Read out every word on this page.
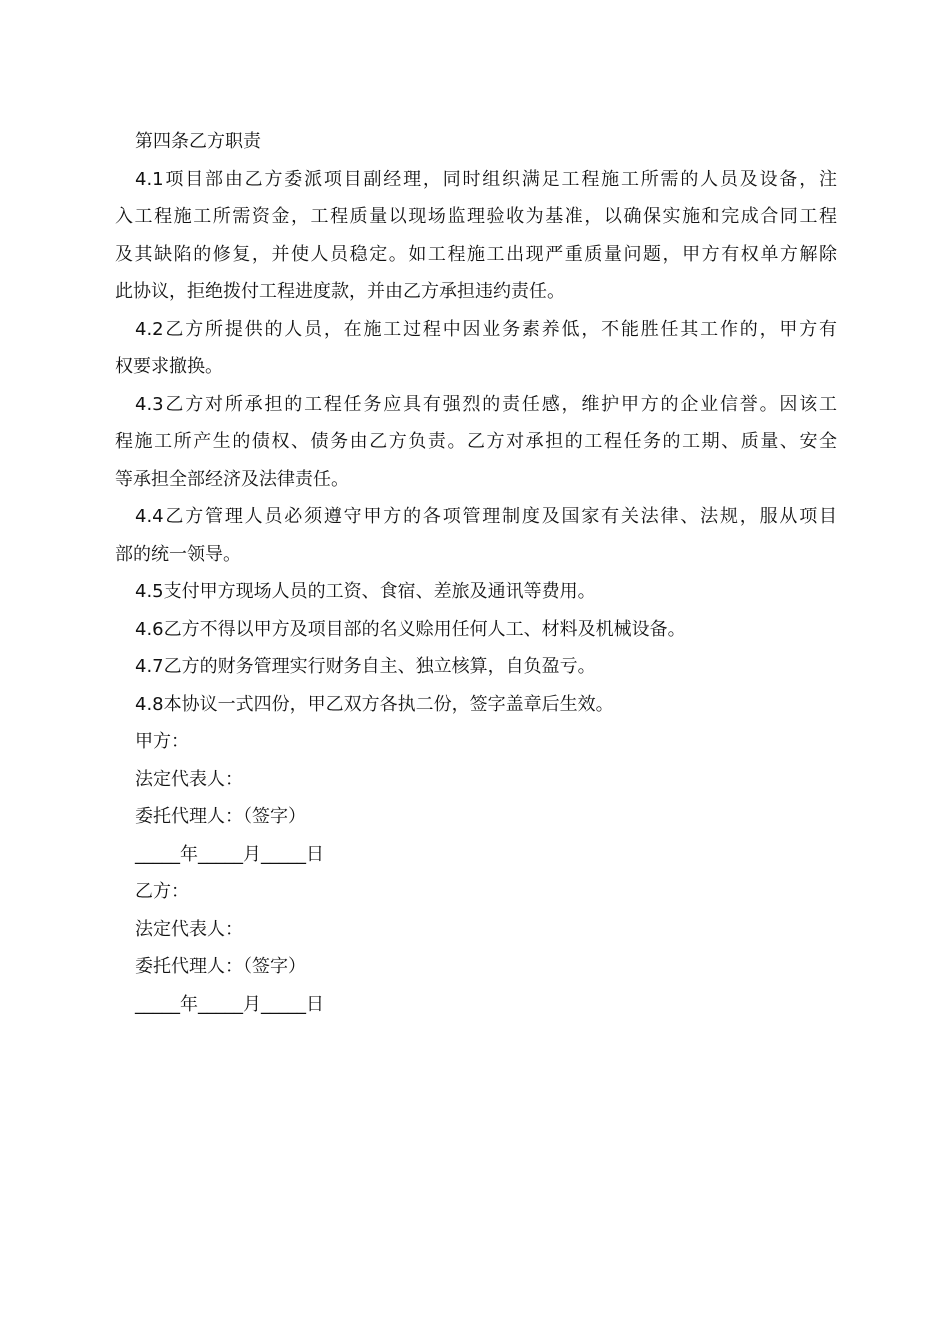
第四条乙方职责

4.1项目部由乙方委派项目副经理，同时组织满足工程施工所需的人员及设备，注

入工程施工所需资金，工程质量以现场监理验收为基准，以确保实施和完成合同工程

及其缺陷的修复，并使人员稳定。如工程施工出现严重质量问题，甲方有权单方解除

此协议，拒绝拨付工程进度款，并由乙方承担违约责任。

4.2乙方所提供的人员，在施工过程中因业务素养低，不能胜任其工作的，甲方有

权要求撤换。

4.3乙方对所承担的工程任务应具有强烈的责任感，维护甲方的企业信誉。因该工

程施工所产生的债权、债务由乙方负责。乙方对承担的工程任务的工期、质量、安全

等承担全部经济及法律责任。

4.4乙方管理人员必须遵守甲方的各项管理制度及国家有关法律、法规，服从项目

部的统一领导。

4.5支付甲方现场人员的工资、食宿、差旅及通讯等费用。

4.6乙方不得以甲方及项目部的名义赊用任何人工、材料及机械设备。

4.7乙方的财务管理实行财务自主、独立核算，自负盈亏。

4.8本协议一式四份，甲乙双方各执二份，签字盖章后生效。

甲方：

法定代表人：

委托代理人：（签字）

_____年_____月_____日

乙方：

法定代表人：

委托代理人：（签字）

_____年_____月_____日
